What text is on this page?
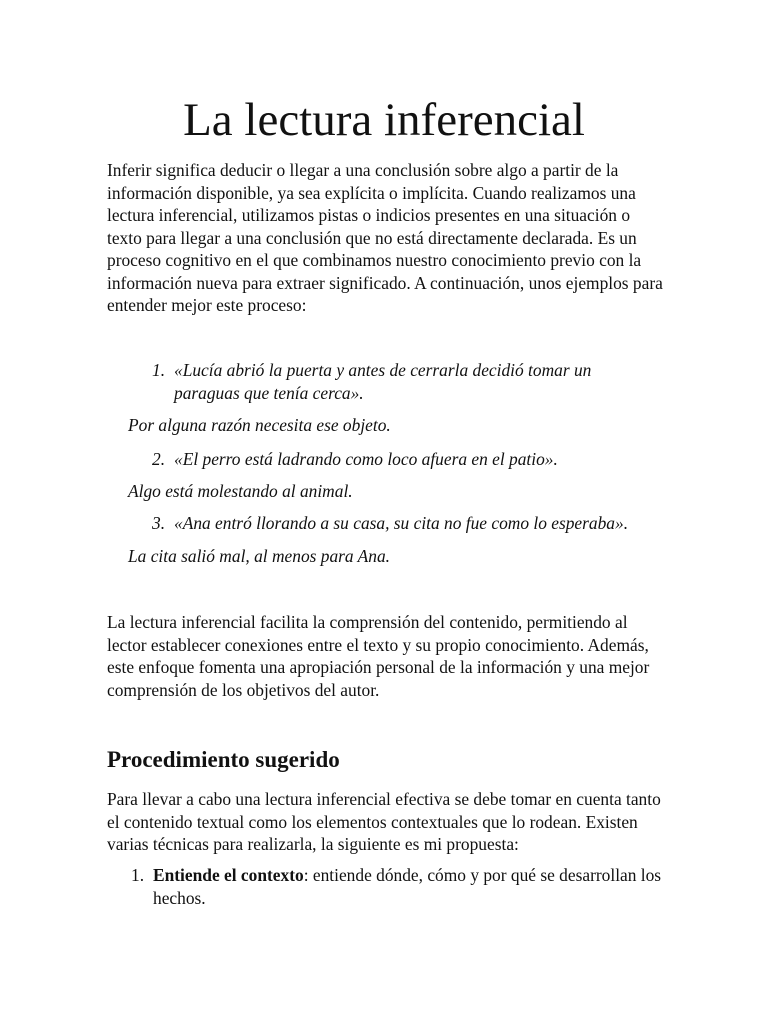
La lectura inferencial

Inferir significa deducir o llegar a una conclusión sobre algo a partir de la información disponible, ya sea explícita o implícita. Cuando realizamos una lectura inferencial, utilizamos pistas o indicios presentes en una situación o texto para llegar a una conclusión que no está directamente declarada. Es un proceso cognitivo en el que combinamos nuestro conocimiento previo con la información nueva para extraer significado. A continuación, unos ejemplos para entender mejor este proceso:

1. «Lucía abrió la puerta y antes de cerrarla decidió tomar un paraguas que tenía cerca».

Por alguna razón necesita ese objeto.

2. «El perro está ladrando como loco afuera en el patio».

Algo está molestando al animal.

3. «Ana entró llorando a su casa, su cita no fue como lo esperaba».

La cita salió mal, al menos para Ana.

La lectura inferencial facilita la comprensión del contenido, permitiendo al lector establecer conexiones entre el texto y su propio conocimiento. Además, este enfoque fomenta una apropiación personal de la información y una mejor comprensión de los objetivos del autor.

Procedimiento sugerido

Para llevar a cabo una lectura inferencial efectiva se debe tomar en cuenta tanto el contenido textual como los elementos contextuales que lo rodean. Existen varias técnicas para realizarla, la siguiente es mi propuesta:

1. Entiende el contexto: entiende dónde, cómo y por qué se desarrollan los hechos.
